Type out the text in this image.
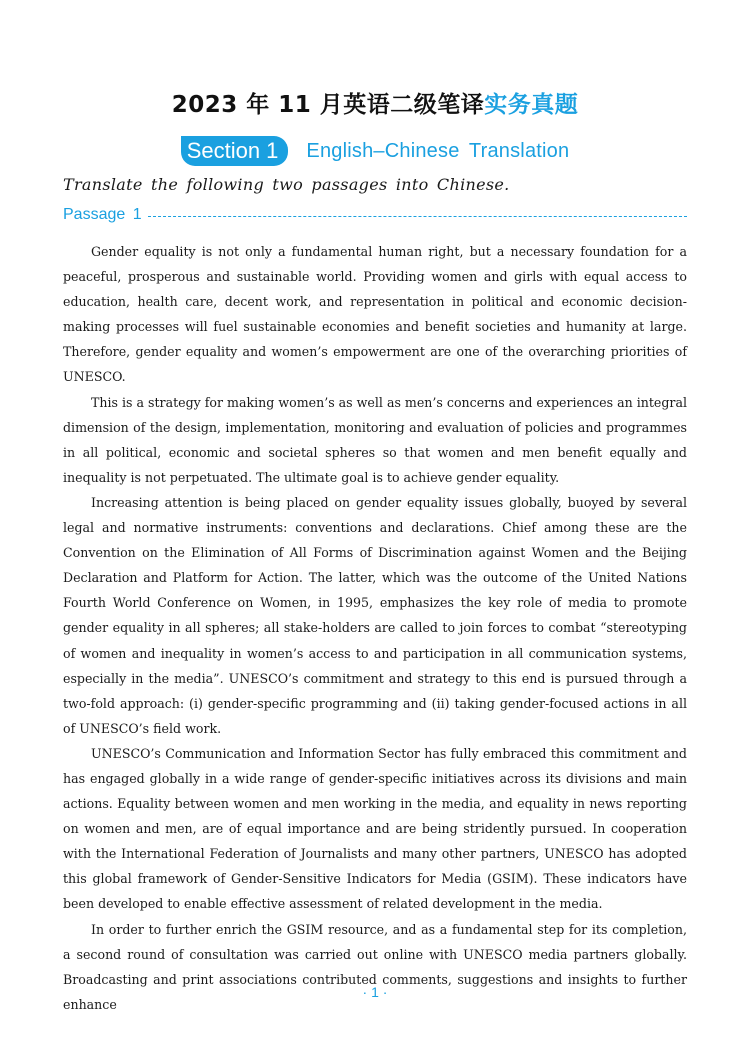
2023 年 11 月英语二级笔译实务真题
Section 1	English–Chinese Translation
Translate the following two passages into Chinese.
Passage 1

Gender equality is not only a fundamental human right, but a necessary foundation for a peaceful, prosperous and sustainable world. Providing women and girls with equal access to education, health care, decent work, and representation in political and economic decision-making processes will fuel sustainable economies and benefit societies and humanity at large. Therefore, gender equality and women’s empowerment are one of the overarching priorities of UNESCO.

This is a strategy for making women’s as well as men’s concerns and experiences an integral dimension of the design, implementation, monitoring and evaluation of policies and programmes in all political, economic and societal spheres so that women and men benefit equally and inequality is not perpetuated. The ultimate goal is to achieve gender equality.

Increasing attention is being placed on gender equality issues globally, buoyed by several legal and normative instruments: conventions and declarations. Chief among these are the Convention on the Elimination of All Forms of Discrimination against Women and the Beijing Declaration and Platform for Action. The latter, which was the outcome of the United Nations Fourth World Conference on Women, in 1995, emphasizes the key role of media to promote gender equality in all spheres; all stake-holders are called to join forces to combat “stereotyping of women and inequality in women’s access to and participation in all communication systems, especially in the media”. UNESCO’s commitment and strategy to this end is pursued through a two-fold approach: (i) gender-specific programming and (ii) taking gender-focused actions in all of UNESCO’s field work.

UNESCO’s Communication and Information Sector has fully embraced this commitment and has engaged globally in a wide range of gender-specific initiatives across its divisions and main actions. Equality between women and men working in the media, and equality in news reporting on women and men, are of equal importance and are being stridently pursued. In cooperation with the International Federation of Journalists and many other partners, UNESCO has adopted this global framework of Gender-Sensitive Indicators for Media (GSIM). These indicators have been developed to enable effective assessment of related development in the media.

In order to further enrich the GSIM resource, and as a fundamental step for its completion, a second round of consultation was carried out online with UNESCO media partners globally. Broadcasting and print associations contributed comments, suggestions and insights to further enhance

· 1 ·
